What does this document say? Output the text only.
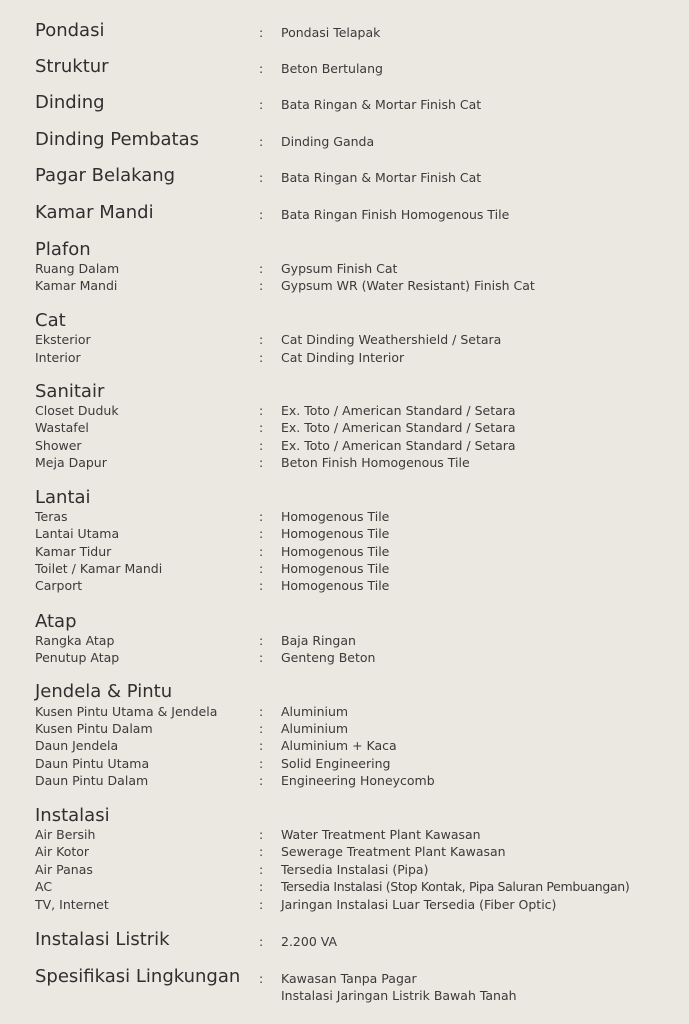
Pondasi	: Pondasi Telapak
Struktur	: Beton Bertulang
Dinding	: Bata Ringan & Mortar Finish Cat
Dinding Pembatas	: Dinding Ganda
Pagar Belakang	: Bata Ringan & Mortar Finish Cat
Kamar Mandi	: Bata Ringan Finish Homogenous Tile
Plafon
Ruang Dalam	: Gypsum Finish Cat
Kamar Mandi	: Gypsum WR (Water Resistant) Finish Cat
Cat
Eksterior	: Cat Dinding Weathershield / Setara
Interior	: Cat Dinding Interior
Sanitair
Closet Duduk	: Ex. Toto / American Standard / Setara
Wastafel	: Ex. Toto / American Standard / Setara
Shower	: Ex. Toto / American Standard / Setara
Meja Dapur	: Beton Finish Homogenous Tile
Lantai
Teras	: Homogenous Tile
Lantai Utama	: Homogenous Tile
Kamar Tidur	: Homogenous Tile
Toilet / Kamar Mandi	: Homogenous Tile
Carport	: Homogenous Tile
Atap
Rangka Atap	: Baja Ringan
Penutup Atap	: Genteng Beton
Jendela & Pintu
Kusen Pintu Utama & Jendela	: Aluminium
Kusen Pintu Dalam	: Aluminium
Daun Jendela	: Aluminium + Kaca
Daun Pintu Utama	: Solid Engineering
Daun Pintu Dalam	: Engineering Honeycomb
Instalasi
Air Bersih	: Water Treatment Plant Kawasan
Air Kotor	: Sewerage Treatment Plant Kawasan
Air Panas	: Tersedia Instalasi (Pipa)
AC	: Tersedia Instalasi (Stop Kontak, Pipa Saluran Pembuangan)
TV, Internet	: Jaringan Instalasi Luar Tersedia (Fiber Optic)
Instalasi Listrik	: 2.200 VA
Spesifikasi Lingkungan : Kawasan Tanpa Pagar
Instalasi Jaringan Listrik Bawah Tanah
